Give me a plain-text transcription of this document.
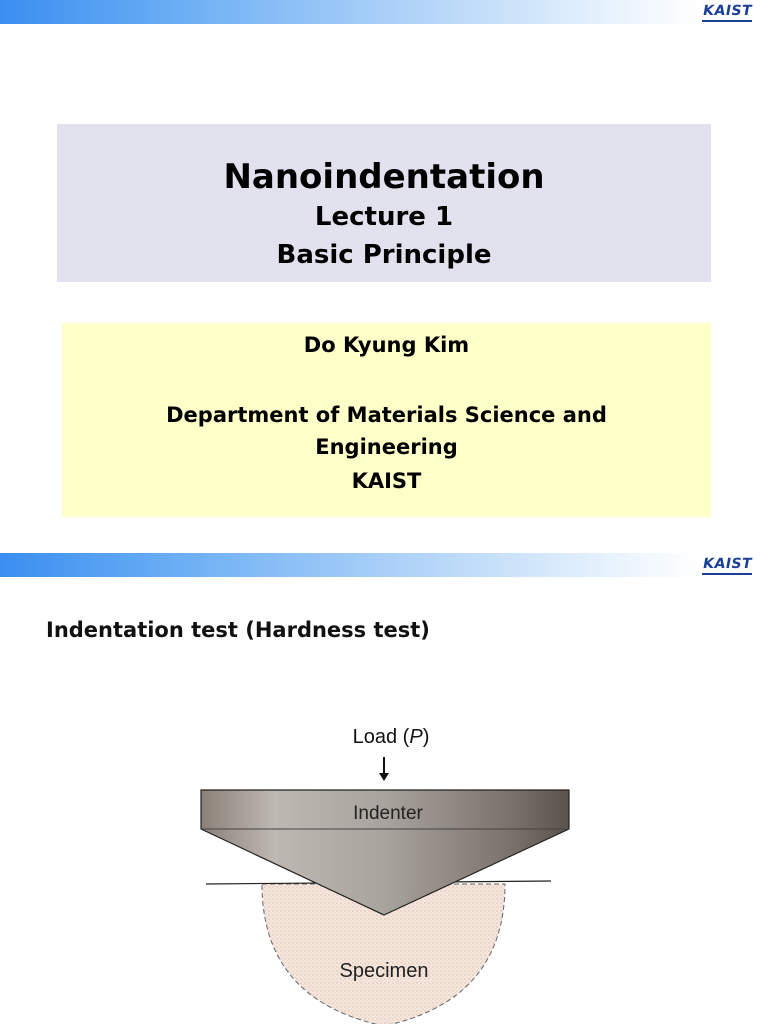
KAIST
Nanoindentation
Lecture 1
Basic Principle
Do Kyung Kim
Department of Materials Science and
Engineering
KAIST
KAIST
Indentation test (Hardness test)
Load (P)
Indenter
Specimen
